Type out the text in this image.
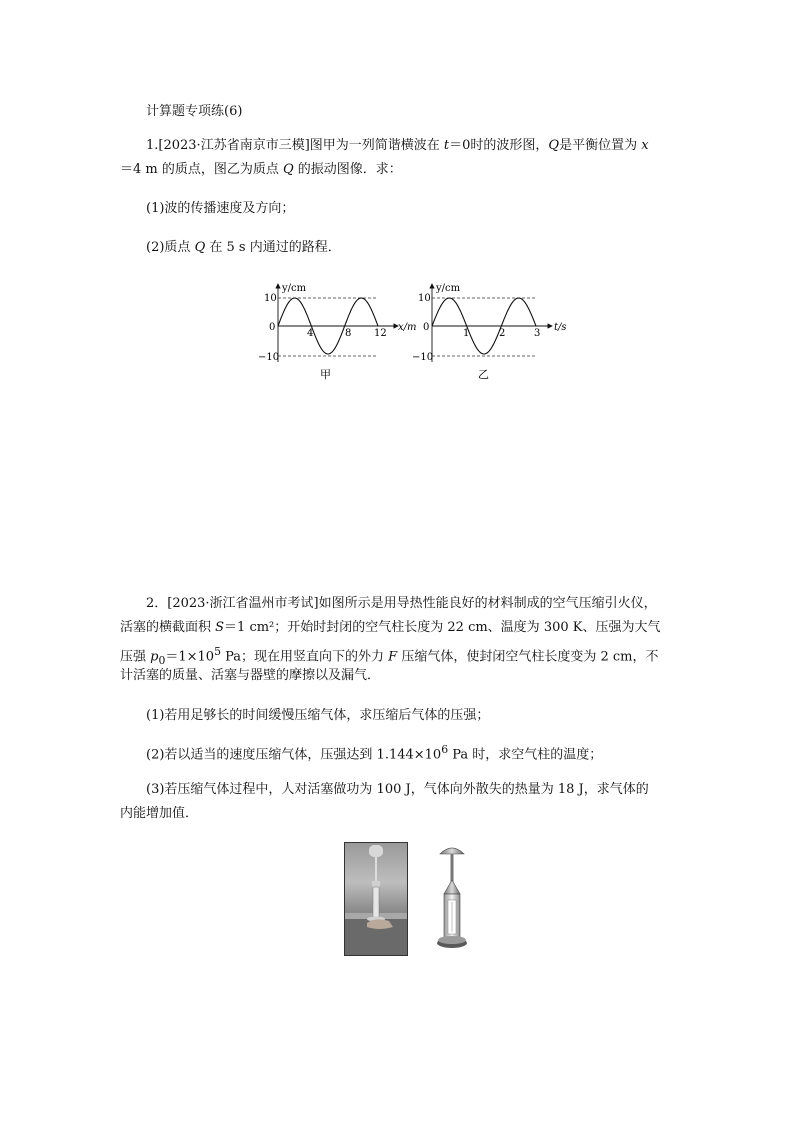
计算题专项练(6)
1.[2023·江苏省南京市三模]图甲为一列简谐横波在 t＝0时的波形图，Q是平衡位置为 x
＝4 m 的质点，图乙为质点 Q 的振动图像．求：
(1)波的传播速度及方向；
(2)质点 Q 在 5 s 内通过的路程．
y/cm
10
0
−10
4	8 12
x/m
甲
y/cm
10
0
−10
1	2	3
t/s
乙
2．[2023·浙江省温州市考试]如图所示是用导热性能良好的材料制成的空气压缩引火仪，
活塞的横截面积 S＝1 cm²；开始时封闭的空气柱长度为 22 cm、温度为 300 K、压强为大气
压强 $p_0=1\times 10^5$ Pa；现在用竖直向下的外力 F 压缩气体，使封闭空气柱长度变为 2 cm，不
计活塞的质量、活塞与器壁的摩擦以及漏气．
(1)若用足够长的时间缓慢压缩气体，求压缩后气体的压强；
(2)若以适当的速度压缩气体，压强达到 $1.144\times 10^6$ Pa 时，求空气柱的温度；
(3)若压缩气体过程中，人对活塞做功为 100 J，气体向外散失的热量为 18 J，求气体的
内能增加值．
